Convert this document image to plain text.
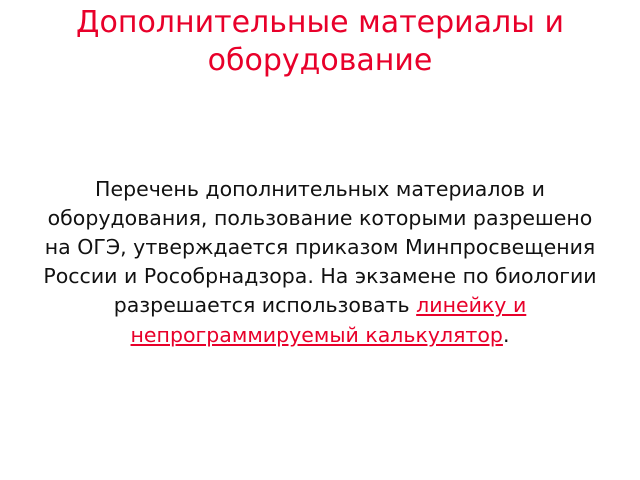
Дополнительные материалы и оборудование
Перечень дополнительных материалов и оборудования, пользование которыми разрешено на ОГЭ, утверждается приказом Минпросвещения России и Рособрнадзора. На экзамене по биологии разрешается использовать линейку и непрограммируемый калькулятор.
